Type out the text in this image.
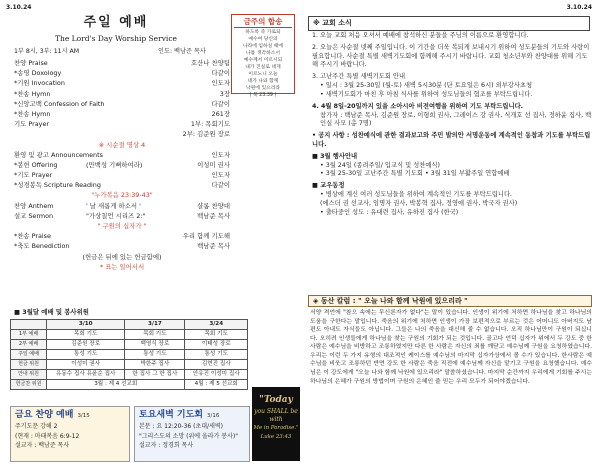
3.10.24	3.10.24
주일 예배
The Lord's Day Worship Service
1부 8시, 3부: 11시 AM	인도: 백남준 목사
찬양 Praise	호산나 찬양팀
*송영 Doxology	다같이
*기원 Invocation	인도자
*찬송 Hymn	3장
*신앙고백 Confession of Faith	다같이
*찬송 Hymn	261장
기도 Prayer	1부: 목회기도
2부: 김준원 장로
※ 시순절 명상 4
환영 및 광고 Announcements	인도자
*봉헌 Offering	(만백성 기뻐하여라)	이성미 권사
*기도 Prayer	인도자
*성경봉독 Scripture Reading	다같이
"누가복음 23:39-43"
찬양 Anthem	' 날 새롭게 하소서 '	샬롬 찬양대
설교 Sermon	"가상칠언 시리즈 2:"	백남준 목사
" 구원의 십자가 "
*찬송 Praise	우리 함께 기도해
*축도 Benediction	백남준 목사
(헌금은 뒤에 있는 헌금함에)
* 표는 일어서서
금주의 합송
하도록 즉 가로되
예수여 당신의
나라에 임하실 때에
나를 생각하소서
예수께서 이르시되
내가 진실로 네게
이르노니 오늘
네가 나와 함께
낙원에 있으리라
( 북 23:39 )
■ 3월달 예배 및 봉사위원
	3/10	3/17	3/24
1부 예배	목회 기도	목회 기도	목회 기도
2부 예배	김준원 장로	백영식 장로	이태성 장로
주일 예배	통성 기도	통성 기도	통성 기도
헌금 위원	이성미 권사	박한주 집사	김현진 집사
안내 위원	유동수 집사 유윤순 집사	한 집사 그 한 집사	안유진 이성미 집사
헌금찬 위원	3월 : 제 4 선교회		4월 : 제 5 선교회
금요 찬양 예배 3/15

주기도문 강해 2

(현재 : 마태복음 6:9-12

설교자 : 백남준 목사

토요새벽 기도회 3/16

본문 : 요 12:20-36 (초대/새벽)

"그리스도의 소망 (위에 올라가 봉사)"

설교자 : 정경희 목사

"Today
you SHALL be with
Me in Paradise."
Luke 23:43
※ 교회 소식
1. 오늘 교회 처음 오셔서 예배에 참석하신 분들을 주님의 이름으로 환영합니다.
2. 오늘은 사순절 넷째 주일입니다. 이 기간을 더욱 복되게 보내시기 위하여 성도분들의 기도와 사랑이 필요합니다. 사순절 특별 새벽기도회에 함께해 주시기 바랍니다. 교회 청소년부와 찬양대를 위해 기도해 주시기 바랍니다.
3. 고난주간 특별 새벽기도회 안내
• 일시 : 3월 25-30일 (월-토) 새벽 5시30분 (단 토요일은 6시) 외부강사초청
• 새벽기도회가 마친 후 아침 식사를 위하여 성도님들의 협조를 부탁드립니다.
4. 4월 8일-20일까지 있을 소아시아 비전여행을 위하여 기도 부탁드립니다.
참가자 : 백남준 목사, 김준원 장로, 이형희 권사, 그레이스 강 권사, 식개호 선 집사, 정하윤 집사, 백인실 사모 (총 7명)
• 공지 사항 : 성찬예식에 관한 결과보고와 주민 발의안 서명운동에 계속적인 동참과 기도를 부탁드립니다.
■ 3월 행사안내
• 3월 24일 (종려주일/ 입교식 및 성찬예식)
• 3월 25-30일 고난주간 특별 기도회 • 3월 31일 부활주일 연합예배
■ 교우동정
• 병상에 계신 여러 성도님들을 위하여 계속적인 기도를 부탁드립니다.
(에스더 권 선교사, 임명자 권사, 박봉혁 집사, 정영애 권사, 박국자 권사)
• 출타중인 성도 : 유대련 집사, 유하진 집사 (한국)
◈ 동산 칼럼 : " 오늘 나와 함께 낙원에 있으리라 "
서양 격언에 "참으 속에는 무신론자가 없다"는 말이 있습니다. 인생이 위기에 처하면 하나님을 찾고 하나님의 도움을 구한다는 말입니다. 죽음의 위기에 처하면 인생이 가장 보편적으로 부르는 것은 어머니도 아버지도 남편도 아내도 자식들도 아닙니다. 그들은 나의 죽음을 대신해 줄 수 없습니다. 오직 하나님만이 구원이 되십니다. 오히려 인생들에게 하나님을 찾는 구원의 기회가 되는 것입니다. 골고다 언덕 십자가 위에서 두 강도 중 한 사람은 예수님을 비방하고 조롱하였지만 다른 한 사람은 자신의 죄를 깨닫고 예수님께 구원을 요청하였습니다. 우리는 이런 두 가지 유형의 대조적인 케이스를 예수님의 마지막 십자가상에서 볼 수가 있습니다. 한사람은 예수님을 비웃고 조롱하던 반면 강도 한 사람은 죽음 직전에 예수님께 자신을 맡기고 구원을 요청했습니다. 예수님은 이 강도에게 "오늘 나와 함께 낙원에 있으리라" 말씀하셨습니다. 마지막 순간까지 우리에게 기회를 주시는 하나님의 은혜가 구원의 방법이며 구원의 은혜인 줄 믿는 우리 모두가 되어야겠습니다.
